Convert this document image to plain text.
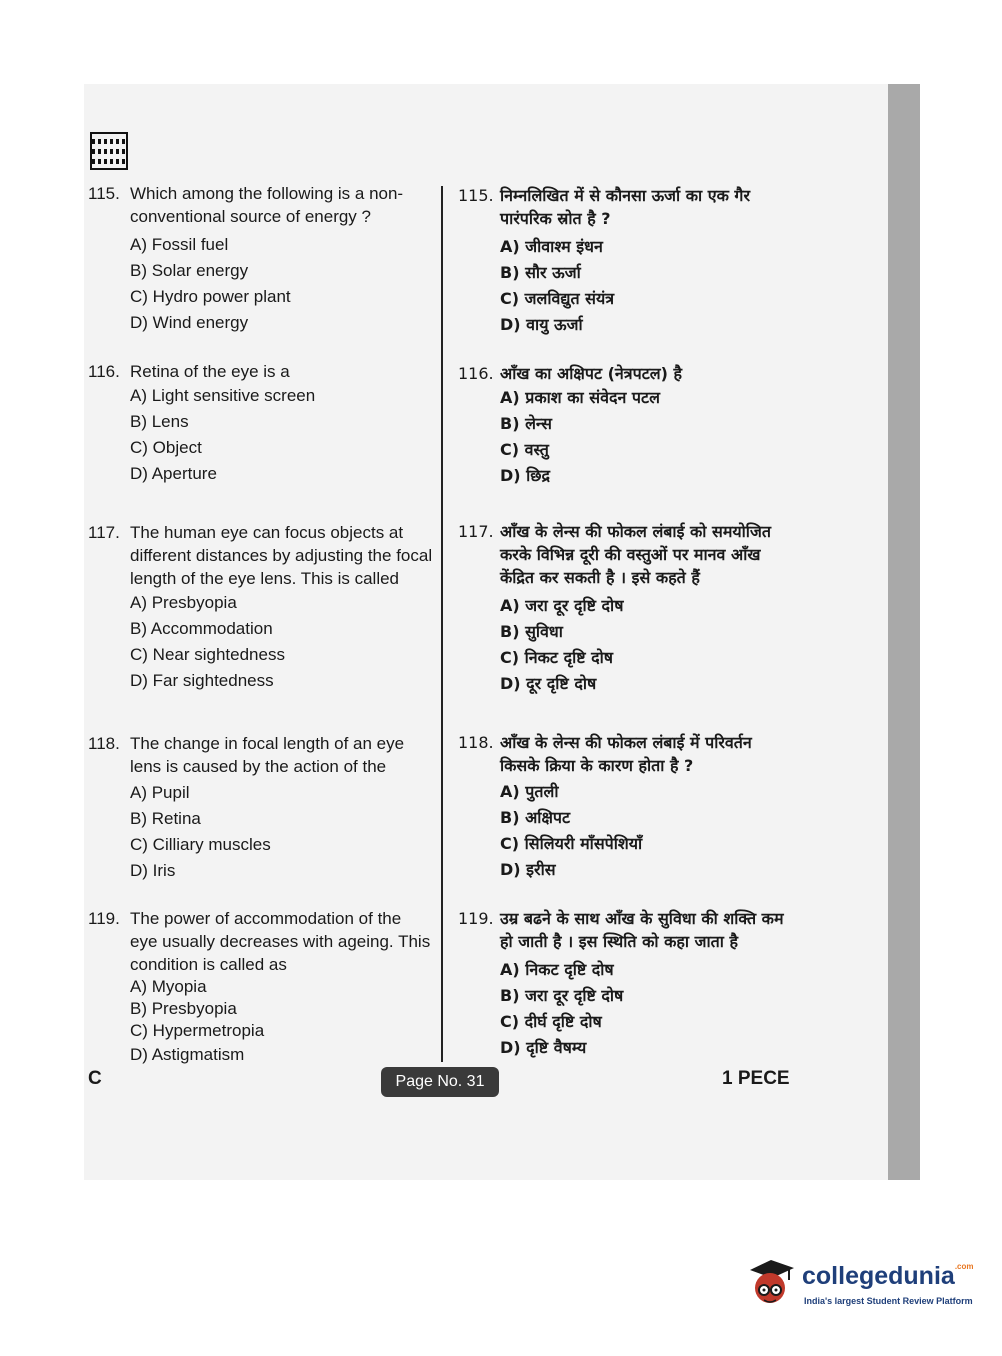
115. Which among the following is a non-conventional source of energy ?
A) Fossil fuel
B) Solar energy
C) Hydro power plant
D) Wind energy
116. Retina of the eye is a
A) Light sensitive screen
B) Lens
C) Object
D) Aperture
117. The human eye can focus objects at different distances by adjusting the focal length of the eye lens. This is called
A) Presbyopia
B) Accommodation
C) Near sightedness
D) Far sightedness
118. The change in focal length of an eye lens is caused by the action of the
A) Pupil
B) Retina
C) Cilliary muscles
D) Iris
119. The power of accommodation of the eye usually decreases with ageing. This condition is called as
A) Myopia
B) Presbyopia
C) Hypermetropia
D) Astigmatism
115. निम्नलिखित में से कौनसा ऊर्जा का एक गैर पारंपरिक स्रोत है ?
A) जीवाश्म इंधन
B) सौर ऊर्जा
C) जलविद्युत संयंत्र
D) वायु ऊर्जा
116. आँख का अक्षिपट (नेत्रपटल) है
A) प्रकाश का संवेदन पटल
B) लेन्स
C) वस्तु
D) छिद्र
117. आँख के लेन्स की फोकल लंबाई को समयोजित करके विभिन्न दूरी की वस्तुओं पर मानव आँख केंद्रित कर सकती है । इसे कहते हैं
A) जरा दूर दृष्टि दोष
B) सुविधा
C) निकट दृष्टि दोष
D) दूर दृष्टि दोष
118. आँख के लेन्स की फोकल लंबाई में परिवर्तन किसके क्रिया के कारण होता है ?
A) पुतली
B) अक्षिपट
C) सिलियरी माँसपेशियाँ
D) इरीस
119. उम्र बढने के साथ आँख के सुविधा की शक्ति कम हो जाती है । इस स्थिति को कहा जाता है
A) निकट दृष्टि दोष
B) जरा दूर दृष्टि दोष
C) दीर्घ दृष्टि दोष
D) दृष्टि वैषम्य
C	Page No. 31	1 PECE
collegedunia$^{.com}$
India's largest Student Review Platform
